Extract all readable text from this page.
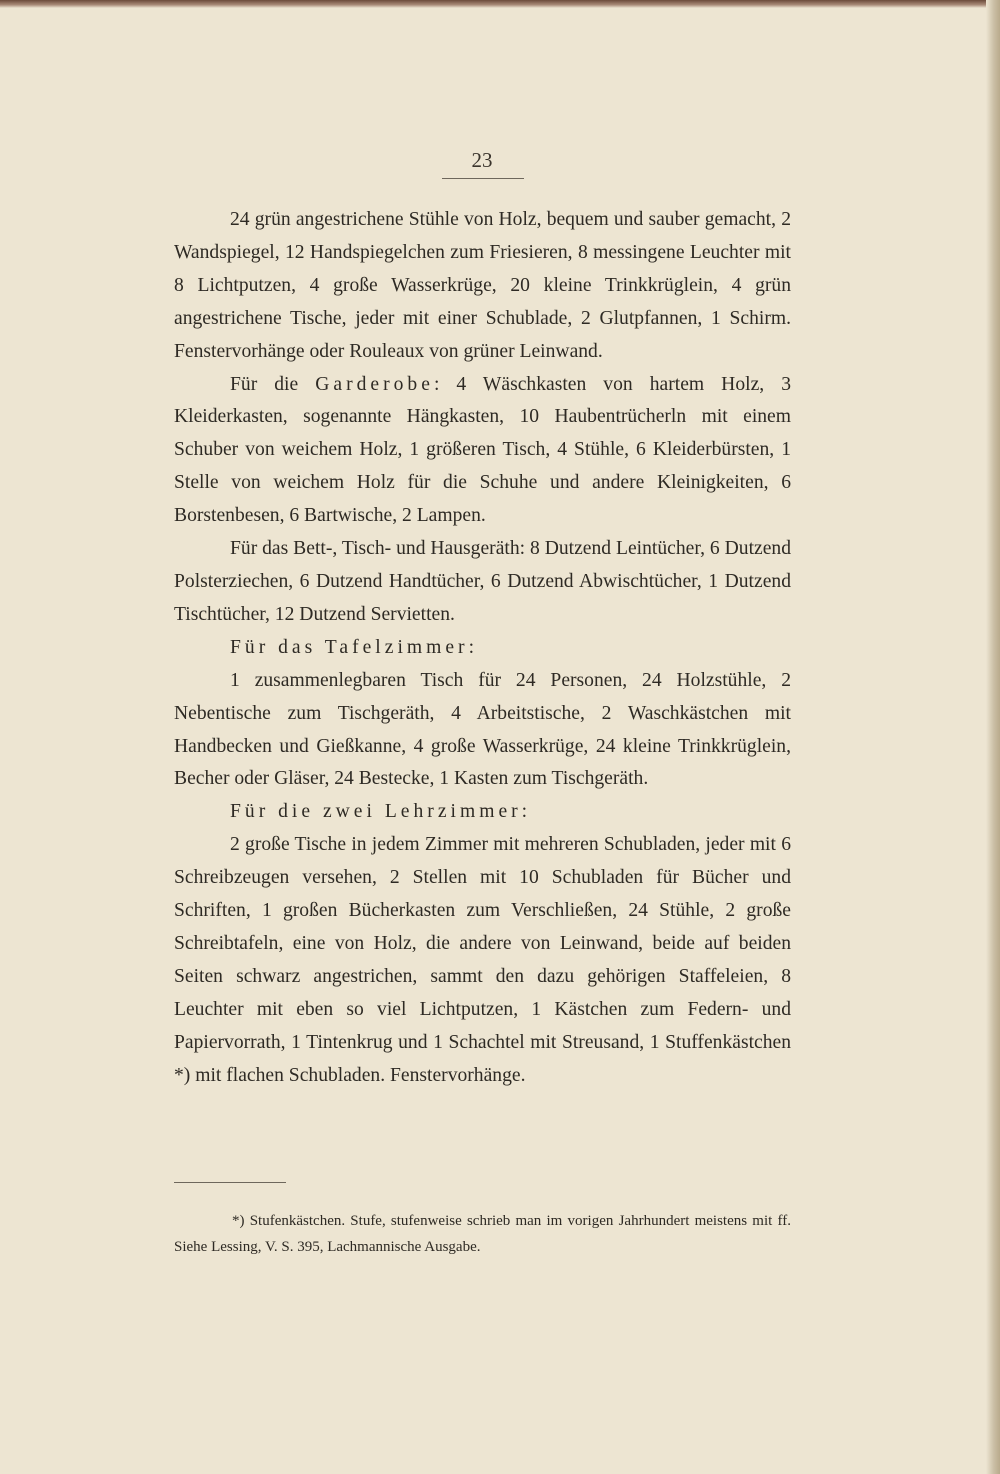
23

24 grün angestrichene Stühle von Holz, bequem und sauber gemacht, 2 Wandspiegel, 12 Handspiegelchen zum Friesieren, 8 messingene Leuchter mit 8 Lichtputzen, 4 große Wasserkrüge, 20 kleine Trinkkrüglein, 4 grün angestrichene Tische, jeder mit einer Schublade, 2 Glutpfannen, 1 Schirm. Fenstervorhänge oder Rouleaux von grüner Leinwand.

Für die Garderobe: 4 Wäschkasten von hartem Holz, 3 Kleiderkasten, sogenannte Hängkasten, 10 Haubentrücherln mit einem Schuber von weichem Holz, 1 größeren Tisch, 4 Stühle, 6 Kleiderbürsten, 1 Stelle von weichem Holz für die Schuhe und andere Kleinigkeiten, 6 Borstenbesen, 6 Bartwische, 2 Lampen.

Für das Bett-, Tisch- und Hausgeräth: 8 Dutzend Leintücher, 6 Dutzend Polsterziechen, 6 Dutzend Handtücher, 6 Dutzend Abwischtücher, 1 Dutzend Tischtücher, 12 Dutzend Servietten.

Für das Tafelzimmer:

1 zusammenlegbaren Tisch für 24 Personen, 24 Holzstühle, 2 Nebentische zum Tischgeräth, 4 Arbeitstische, 2 Waschkästchen mit Handbecken und Gießkanne, 4 große Wasserkrüge, 24 kleine Trinkkrüglein, Becher oder Gläser, 24 Bestecke, 1 Kasten zum Tischgeräth.

Für die zwei Lehrzimmer:

2 große Tische in jedem Zimmer mit mehreren Schubladen, jeder mit 6 Schreibzeugen versehen, 2 Stellen mit 10 Schubladen für Bücher und Schriften, 1 großen Bücherkasten zum Verschließen, 24 Stühle, 2 große Schreibtafeln, eine von Holz, die andere von Leinwand, beide auf beiden Seiten schwarz angestrichen, sammt den dazu gehörigen Staffeleien, 8 Leuchter mit eben so viel Lichtputzen, 1 Kästchen zum Federn- und Papiervorrath, 1 Tintenkrug und 1 Schachtel mit Streusand, 1 Stuffenkästchen *) mit flachen Schubladen. Fenstervorhänge.

*) Stufenkästchen. Stufe, stufenweise schrieb man im vorigen Jahrhundert meistens mit ff. Siehe Lessing, V. S. 395, Lachmannische Ausgabe.
